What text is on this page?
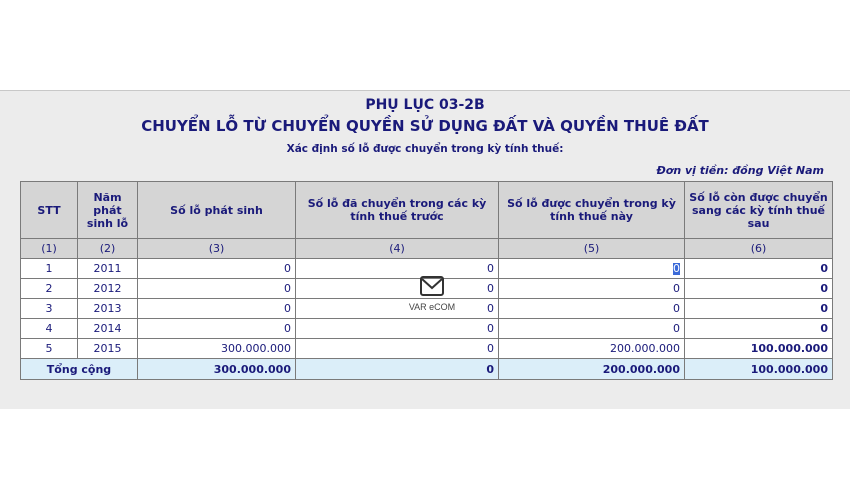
PHỤ LỤC 03-2B
CHUYỂN LỖ TỪ CHUYỂN QUYỀN SỬ DỤNG ĐẤT VÀ QUYỀN THUÊ ĐẤT
Xác định số lỗ được chuyển trong kỳ tính thuế:
Đơn vị tiền: đồng Việt Nam
STT	Năm phát sinh lỗ	Số lỗ phát sinh	Số lỗ đã chuyển trong các kỳ tính thuế trước	Số lỗ được chuyển trong kỳ tính thuế này	Số lỗ còn được chuyển sang các kỳ tính thuế sau
(1)	(2)	(3)	(4)	(5)	(6)
1	2011	0	0	0	0
2	2012	0	0	0	0
3	2013	0	0	0	0
4	2014	0	0	0	0
5	2015	300.000.000	0	200.000.000	100.000.000
Tổng cộng		300.000.000	0	200.000.000	100.000.000
VAR eCOM
